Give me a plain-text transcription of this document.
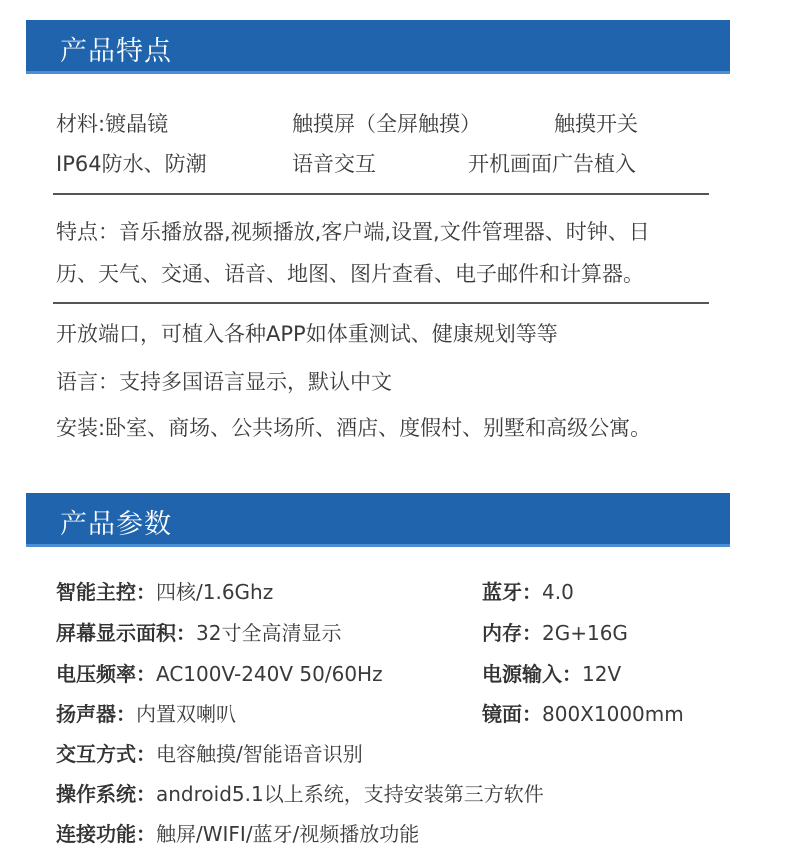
产品特点
材料:镀晶镜	触摸屏（全屏触摸）	触摸开关
IP64防水、防潮	语音交互	开机画面广告植入
特点：音乐播放器,视频播放,客户端,设置,文件管理器、时钟、日
历、天气、交通、语音、地图、图片查看、电子邮件和计算器。
开放端口，可植入各种APP如体重测试、健康规划等等
语言：支持多国语言显示，默认中文
安装:卧室、商场、公共场所、酒店、度假村、别墅和高级公寓。
产品参数
智能主控：四核/1.6Ghz	蓝牙：4.0
屏幕显示面积：32寸全高清显示	内存：2G+16G
电压频率：AC100V-240V 50/60Hz	电源输入：12V
扬声器：内置双喇叭	镜面：800X1000mm
交互方式：电容触摸/智能语音识别
操作系统：android5.1以上系统，支持安装第三方软件
连接功能：触屏/WIFI/蓝牙/视频播放功能
